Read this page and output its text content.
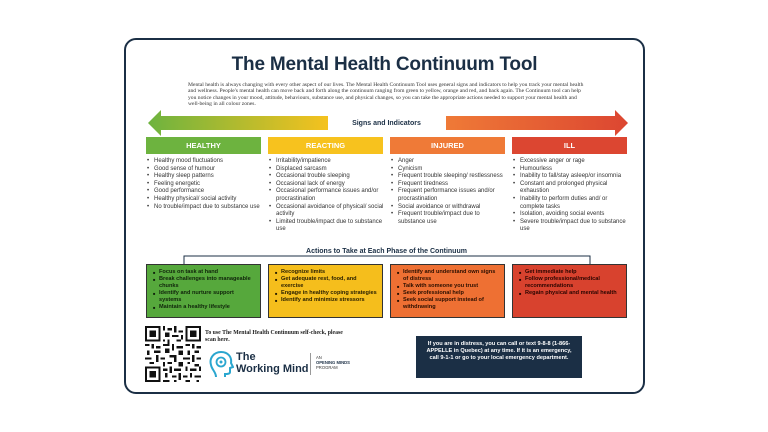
The Mental Health Continuum Tool

Mental health is always changing with every other aspect of our lives. The Mental Health Continuum Tool uses general signs and indicators to help you track your mental health and wellness. People's mental health can move back and forth along the continuum ranging from green to yellow, orange and red, and back again. The Continuum tool can help you notice changes in your mood, attitude, behaviours, substance use, and physical changes, so you can take the appropriate actions needed to support your mental health and well-being in all colour zones.

Signs and Indicators
HEALTHY	REACTING	INJURED	ILL
• Healthy mood fluctuations
• Good sense of humour
• Healthy sleep patterns
• Feeling energetic
• Good performance
• Healthy physical/ social activity
• No trouble/impact due to substance use
• Irritability/impatience
• Displaced sarcasm
• Occasional trouble sleeping
• Occasional lack of energy
• Occasional performance issues and/or procrastination
• Occasional avoidance of physical/ social activity
• Limited trouble/impact due to substance use
• Anger
• Cynicism
• Frequent trouble sleeping/ restlessness
• Frequent tiredness
• Frequent performance issues and/or procrastination
• Social avoidance or withdrawal
• Frequent trouble/impact due to substance use
• Excessive anger or rage
• Humourless
• Inability to fall/stay asleep/or insomnia
• Constant and prolonged physical exhaustion
• Inability to perform duties and/ or complete tasks
• Isolation, avoiding social events
• Severe trouble/impact due to substance use
Actions to Take at Each Phase of the Continuum
■ Focus on task at hand
■ Break challenges into manageable chunks
■ Identify and nurture support systems
■ Maintain a healthy lifestyle
■ Recognize limits
■ Get adequate rest, food, and exercise
■ Engage in healthy coping strategies
■ Identify and minimize stressors
■ Identify and understand own signs of distress
■ Talk with someone you trust
■ Seek professional help
■ Seek social support instead of withdrawing
■ Get immediate help
■ Follow professional/medical recommendations
■ Regain physical and mental health
To use The Mental Health Continuum self-check, please scan here.
The
Working Mind
AN
OPENING MINDS
PROGRAM
If you are in distress, you can call or text 9-8-8 (1-866-APPELLE in Quebec) at any time. If it is an emergency, call 9-1-1 or go to your local emergency department.
